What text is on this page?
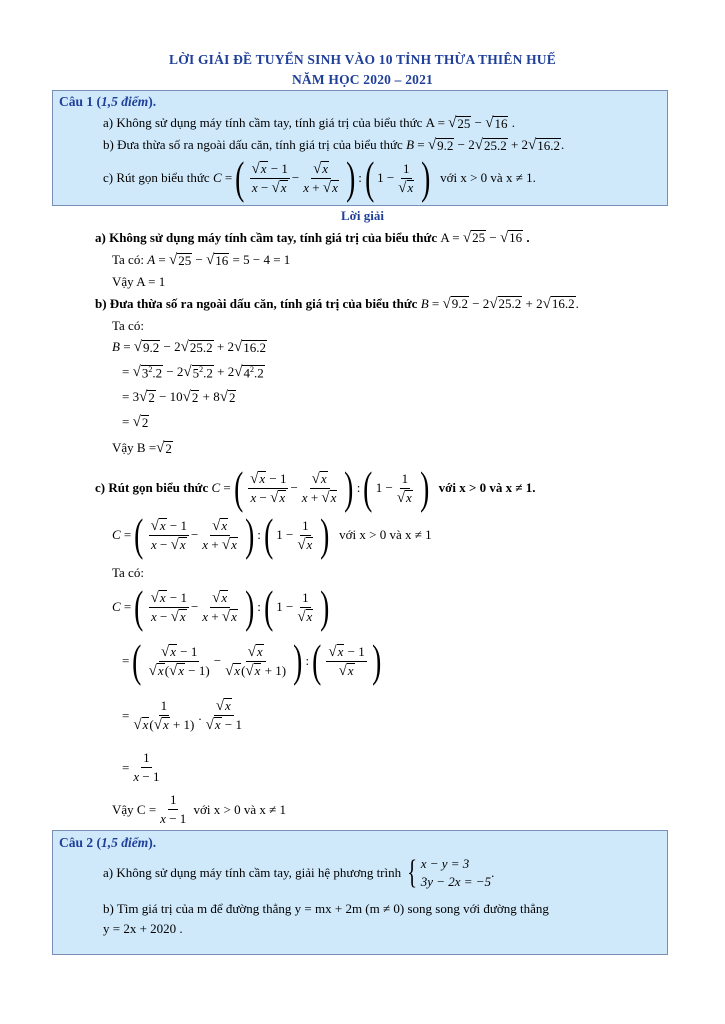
LỜI GIẢI ĐỀ TUYỂN SINH VÀO 10 TỈNH THỪA THIÊN HUẾ
NĂM HỌC 2020 – 2021
Câu 1 (1,5 điểm).
a) Không sử dụng máy tính cầm tay, tính giá trị của biểu thức A = √ 25 − √ 16 .
b) Đưa thừa số ra ngoài dấu căn, tính giá trị của biểu thức
B = √ 9.2 − 2 √ 25.2 + 2 √ 16.2 .
c) Rút gọn biểu thức
C = ( $\frac{√x - 1}{x - √x} - \frac{√x}{x + √x}$ ) : ( $1 - \frac{1}{√x}$ )
với x > 0 và x ≠ 1.
Lời giải
a) Không sử dụng máy tính cầm tay, tính giá trị của biểu thức
A = √25 − √16 .
Ta có:
A = √ 25 − √ 16
= 5 − 4 = 1
Vậy A = 1
b) Đưa thừa số ra ngoài dấu căn, tính giá trị của biểu thức
B = √9.2 − 2√25.2 + 2√16.2.
Ta có:
B = √ 9.2 − 2 √ 25.2 + 2 √ 16.2
= √ $3^2.2 - 2$ √ $5^2.2 + 2$ √ $4^2.2$
= 3 √ 2 − 10 √ 2 + 8 √ 2
= √ 2
Vậy B = √ 2
c) Rút gọn biểu thức
C = ( $\frac{√x - 1}{x - √x} - \frac{√x}{x + √x}$ ) : ( $1 - \frac{1}{√x}$ )
với x > 0 và x ≠ 1.
C = ( $\frac{√x - 1}{x - √x} - \frac{√x}{x + √x}$ ) : ( $1 - \frac{1}{√x}$ )
với x > 0 và x ≠ 1
Ta có:
C = ( $\frac{√x - 1}{x - √x} - \frac{√x}{x + √x}$ ) : ( $1 - \frac{1}{√x}$ )
= ( $\frac{√x - 1}{√x(√x - 1)} - \frac{√x}{√x(√x + 1)}$ ) : ( $\frac{√x - 1}{√x}$ )
= $\frac{1}{√x(√x + 1)}$ . $\frac{√x}{√x - 1}$
= $\frac{1}{x - 1}$
Vậy $C = \frac{1}{x - 1}$
với x > 0 và x ≠ 1
Câu 2 (1,5 điểm).
a) Không sử dụng máy tính cầm tay, giải hệ phương trình
{ x − y = 3
3y − 2x = −5
.
b) Tìm giá trị của m để đường thẳng y = mx + 2m (m ≠ 0) song song với đường thẳng
y = 2x + 2020 .
